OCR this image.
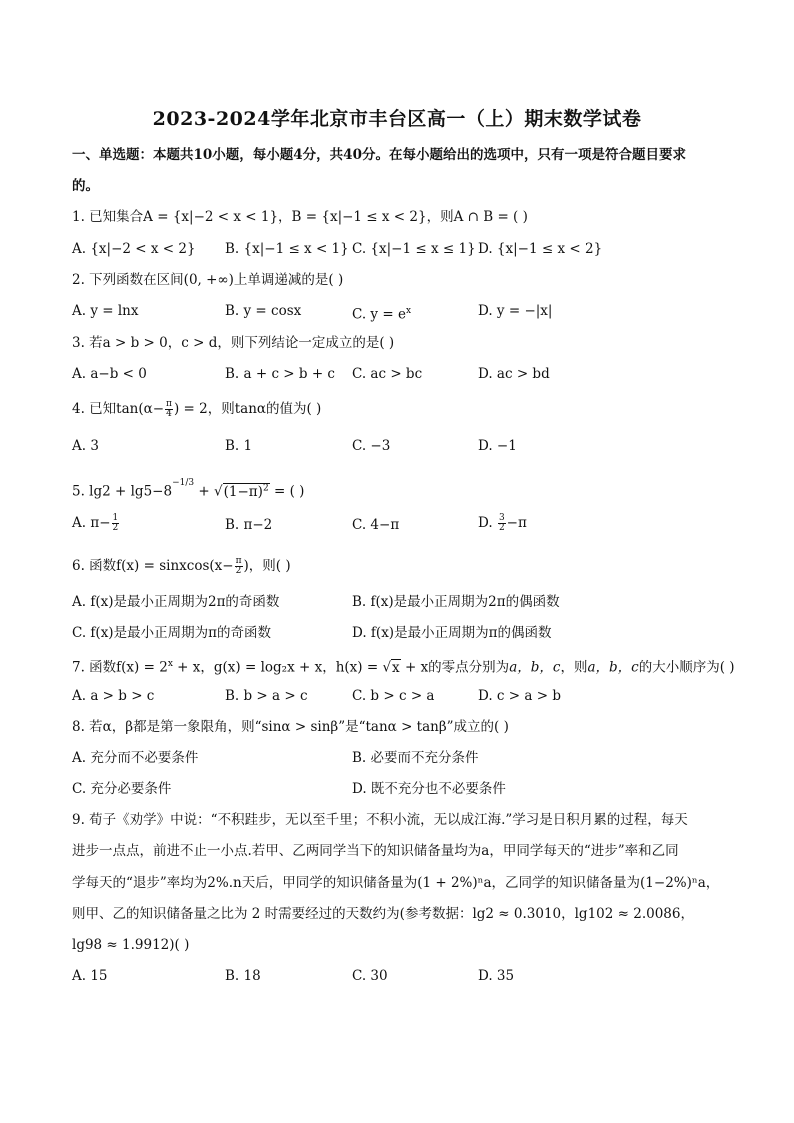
2023-2024学年北京市丰台区高一（上）期末数学试卷
一、单选题：本题共10小题，每小题4分，共40分。在每小题给出的选项中，只有一项是符合题目要求
的。
1. 已知集合A = {x|−2 < x < 1}，B = {x|−1 ≤ x < 2}，则A ∩ B = ( )
A. {x|−2 < x < 2} B. {x|−1 ≤ x < 1} C. {x|−1 ≤ x ≤ 1} D. {x|−1 ≤ x < 2}
2. 下列函数在区间(0, +∞)上单调递减的是( )
A. y = lnx	B. y = cosx	C. $y = e^x$	D. y = −|x|
3. 若a > b > 0，c > d，则下列结论一定成立的是( )
A. a−b < 0	B. a + c > b + c C. ac > bc	D. ac > bd
4. 已知$\tan(\alpha- \frac{\pi}{4}$ ) = 2，则tanα的值为( )
A. 3	B. 1	C. −3	D. −1
5. $\lg 2 + \lg 5-8^{-1/3} + √(1-\pi)^2$ = ( )
A. $\pi- \frac{1}{2}$	B. π−2	C. 4−π	D. $\frac{3}{2} -\pi$
6. 函数f(x) = sinxcos(x− $\frac{\pi}{2}$ )，则( )
A. f(x)是最小正周期为2π的奇函数	B. f(x)是最小正周期为2π的偶函数
C. f(x)是最小正周期为π的奇函数	D. f(x)是最小正周期为π的偶函数
7. 函数$f(x) = 2^x + x$，g(x) = log₂x + x，h(x) = √x + x的零点分别为a，b，c，则a，b，c的大小顺序为( )
A. a > b > c	B. b > a > c	C. b > c > a	D. c > a > b
8. 若α，β都是第一象限角，则“sinα > sinβ”是“tanα > tanβ”成立的( )
A. 充分而不必要条件	B. 必要而不充分条件
C. 充分必要条件	D. 既不充分也不必要条件
9. 荀子《劝学》中说：“不积跬步，无以至千里；不积小流，无以成江海.”学习是日积月累的过程，每天
进步一点点，前进不止一小点.若甲、乙两同学当下的知识储备量均为a，甲同学每天的“进步”率和乙同
学每天的“退步”率均为2%.n天后，甲同学的知识储备量为(1 + 2%)ⁿa，乙同学的知识储备量为(1−2%)ⁿa，
则甲、乙的知识储备量之比为 2 时需要经过的天数约为(参考数据：lg2 ≈ 0.3010，lg102 ≈ 2.0086，
lg98 ≈ 1.9912)( )
A. 15	B. 18	C. 30	D. 35
